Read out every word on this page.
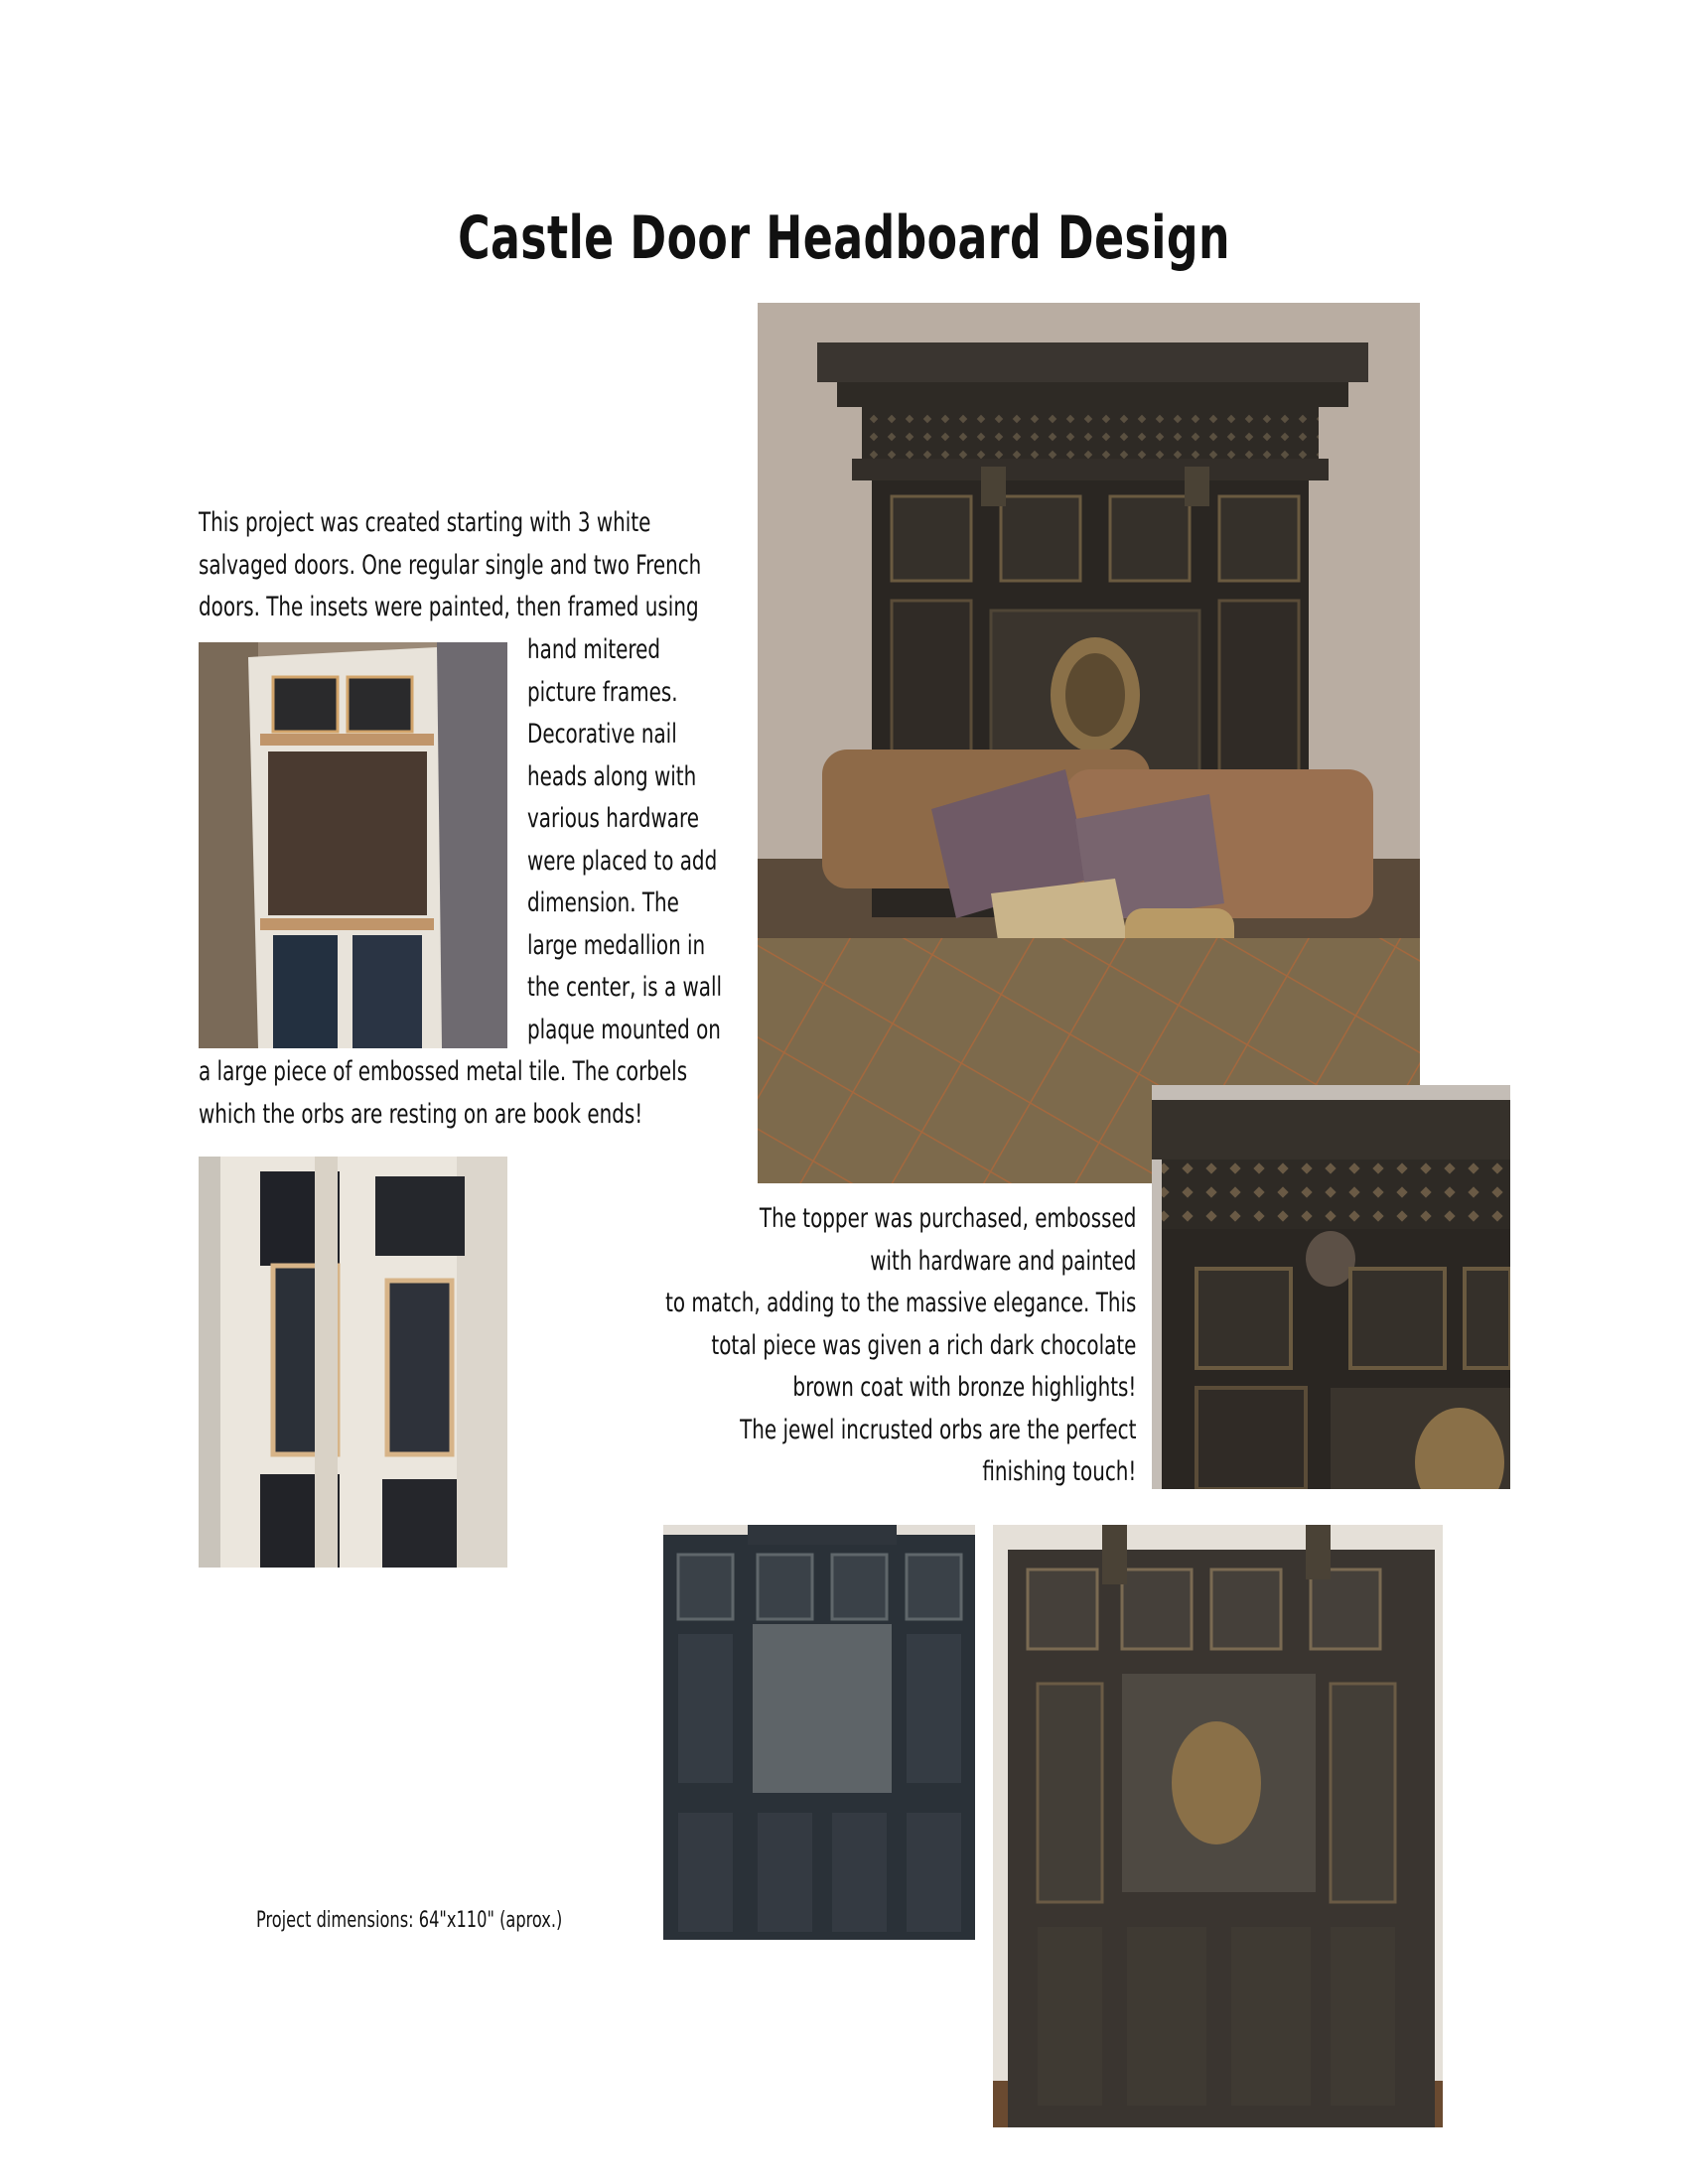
Castle Door Headboard Design
This project was created starting with 3 white
salvaged doors. One regular single and two French
doors. The insets were painted, then framed using
hand mitered
picture frames.
Decorative nail
heads along with
various hardware
were placed to add
dimension. The
large medallion in
the center, is a wall
plaque mounted on
a large piece of embossed metal tile. The corbels
which the orbs are resting on are book ends!
The topper was purchased, embossed
with hardware and painted
to match, adding to the massive elegance. This
total piece was given a rich dark chocolate
brown coat with bronze highlights!
The jewel incrusted orbs are the perfect
finishing touch!
Project dimensions: 64"x110" (aprox.)
